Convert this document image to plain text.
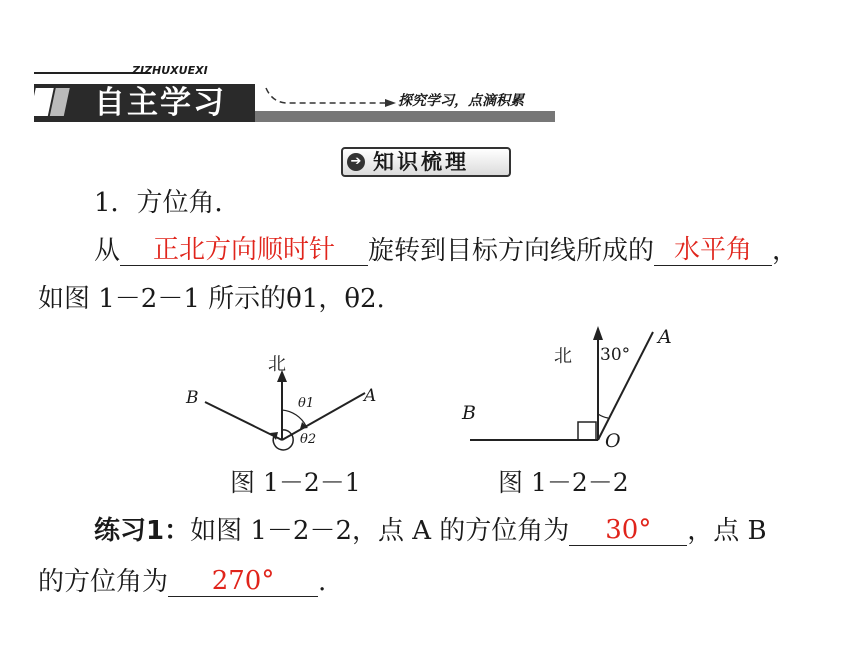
ZIZHUXUEXI
自主学习	探究学习，点滴积累
➔ 知识梳理
1．方位角．
从 正北方向顺时针 旋转到目标方向线所成的 水平角 ，
如图 1－2－1 所示的θ1，θ2.
北
B	A
θ1
θ2
图 1－2－1
北 30°
A
B
O
图 1－2－2
练习1：如图 1－2－2，点 A 的方位角为 30° ，点 B
的方位角为 270° .
